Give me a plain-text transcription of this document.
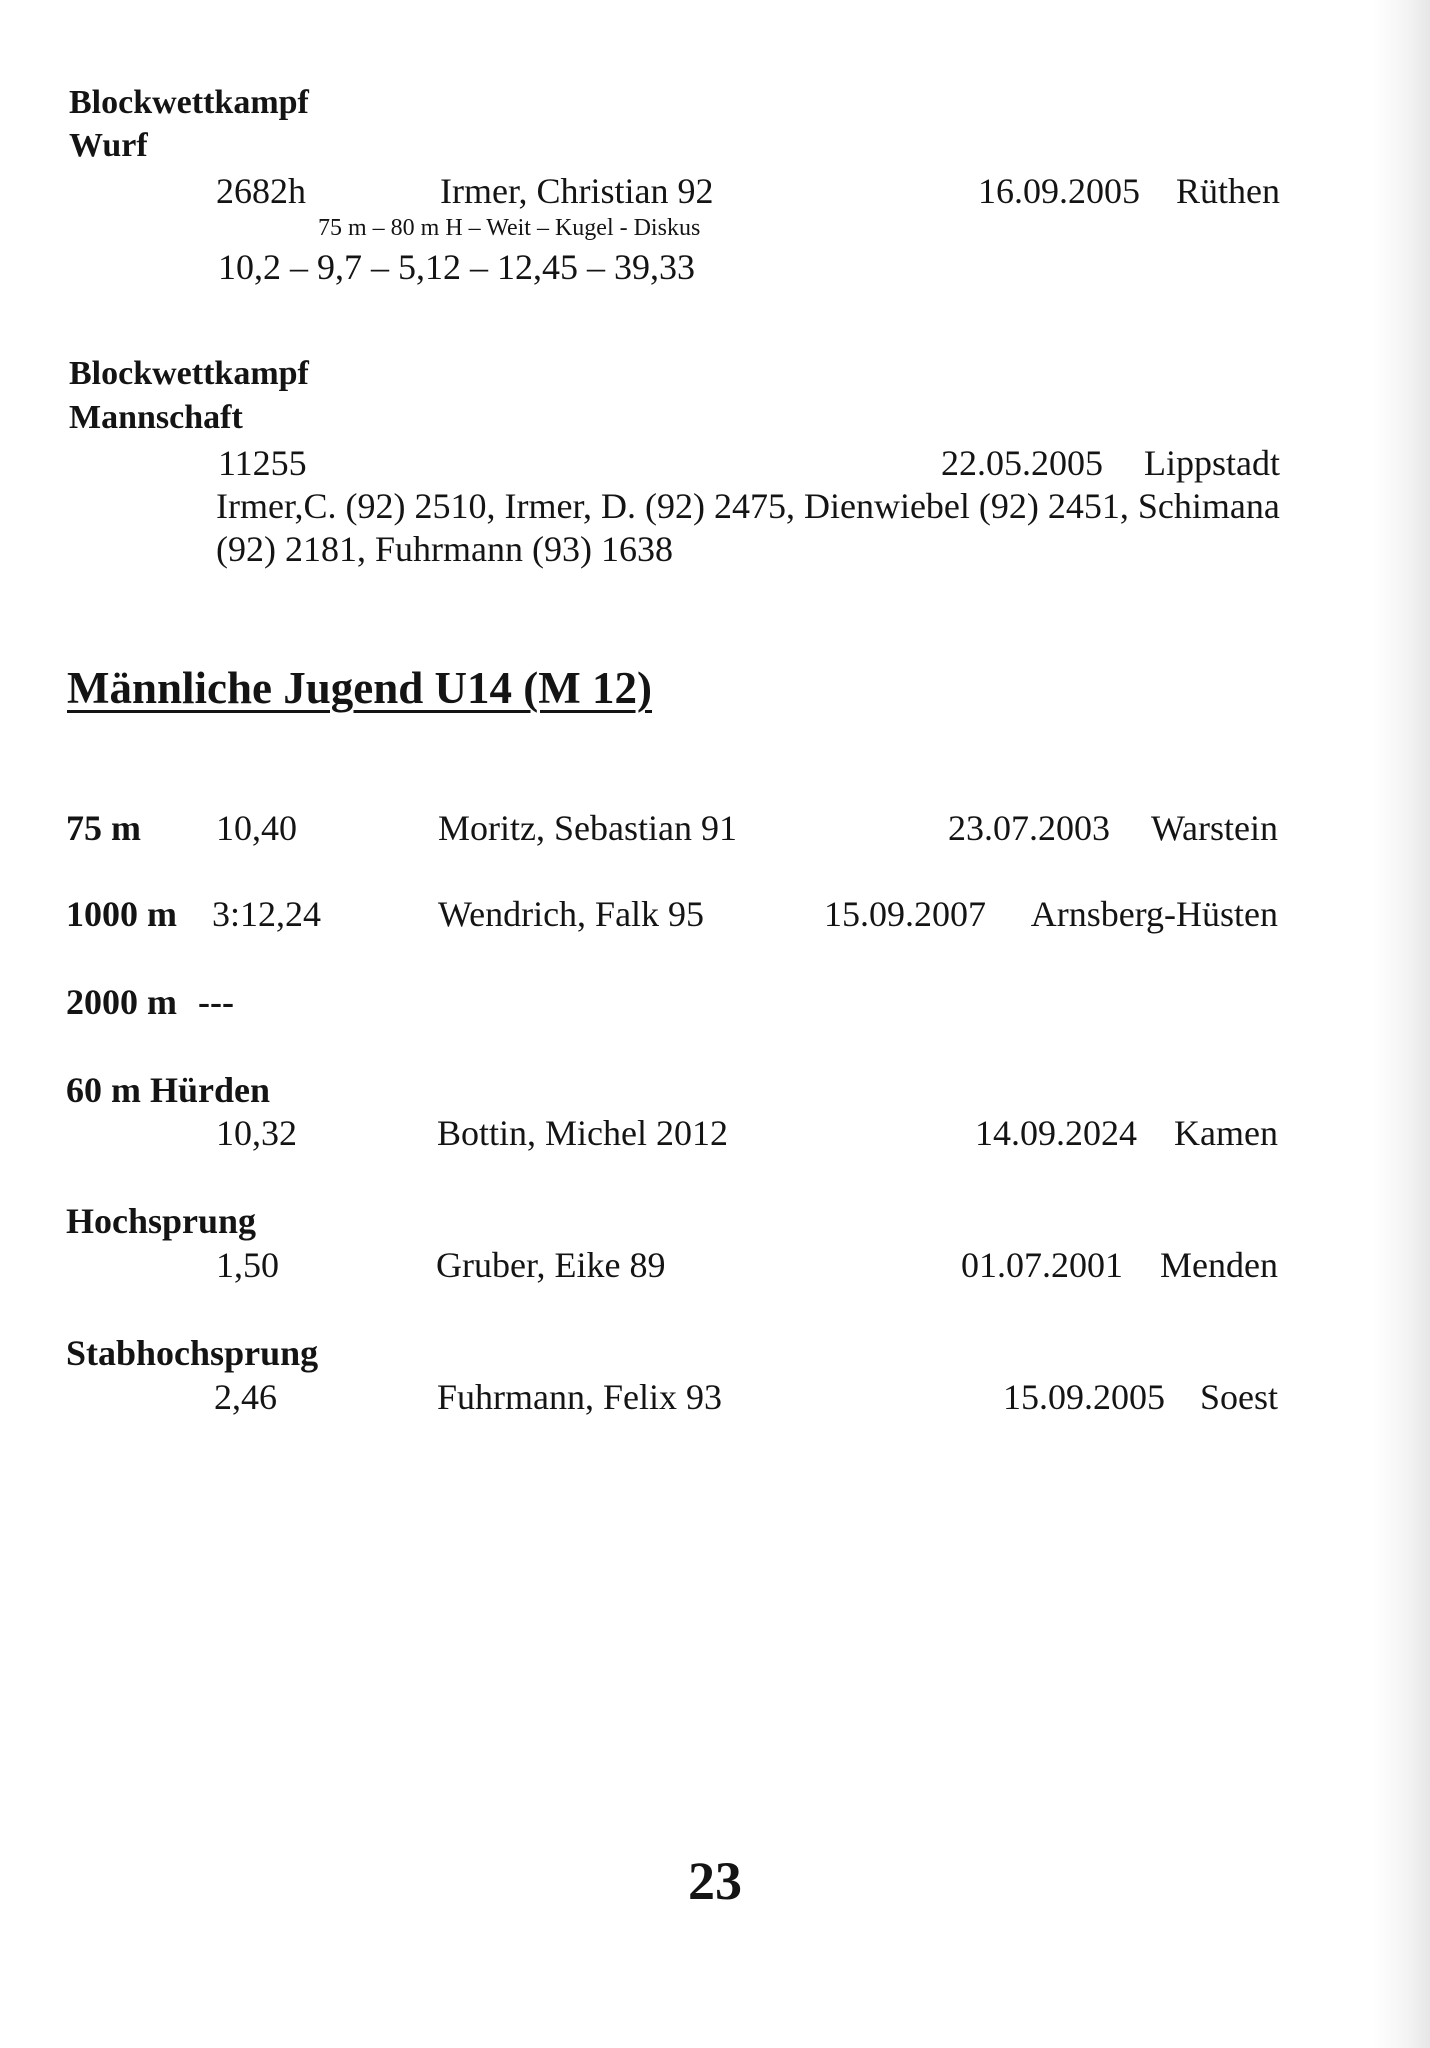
Blockwettkampf
Wurf
2682h	Irmer, Christian 92	16.09.2005 Rüthen
75 m – 80 m H – Weit – Kugel - Diskus
10,2 – 9,7 – 5,12 – 12,45 – 39,33
Blockwettkampf
Mannschaft
11255	22.05.2005 Lippstadt
Irmer,C. (92) 2510, Irmer, D. (92) 2475, Dienwiebel (92) 2451, Schimana
(92) 2181, Fuhrmann (93) 1638
Männliche Jugend U14 (M 12)
75 m 10,40	Moritz, Sebastian 91	23.07.2003 Warstein
1000 m 3:12,24	Wendrich, Falk 95	15.09.2007 Arnsberg-Hüsten
2000 m ---
60 m Hürden
10,32	Bottin, Michel 2012	14.09.2024 Kamen
Hochsprung
1,50	Gruber, Eike 89	01.07.2001 Menden
Stabhochsprung
2,46	Fuhrmann, Felix 93	15.09.2005 Soest
23
